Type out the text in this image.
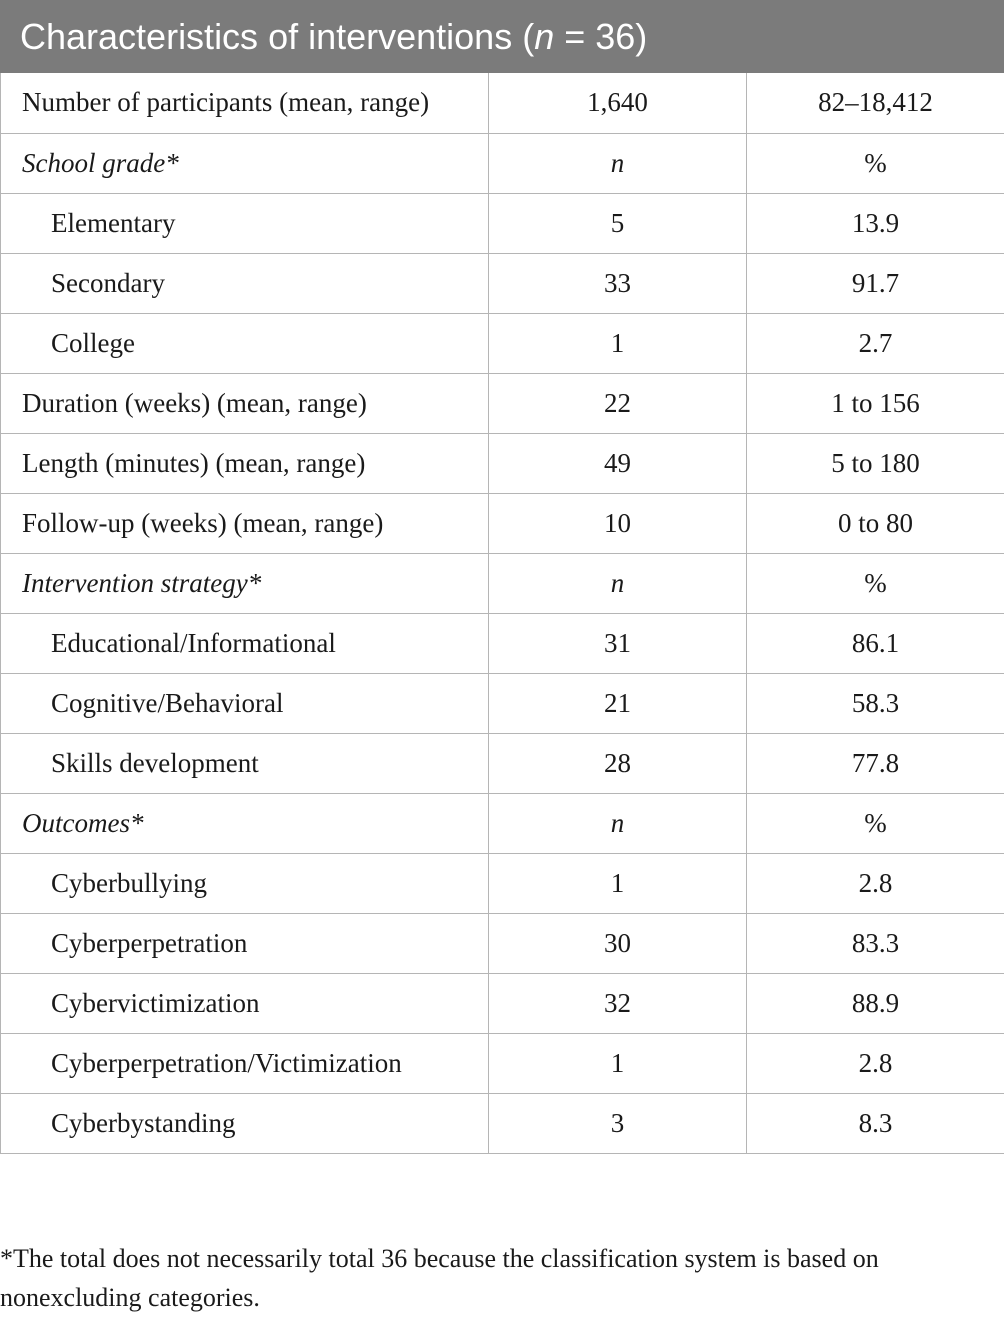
Characteristics of interventions (n = 36)
Number of participants (mean, range)	1,640	82–18,412
School grade*	n	%
Elementary	5	13.9
Secondary	33	91.7
College	1	2.7
Duration (weeks) (mean, range)	22	1 to 156
Length (minutes) (mean, range)	49	5 to 180
Follow-up (weeks) (mean, range)	10	0 to 80
Intervention strategy*	n	%
Educational/Informational	31	86.1
Cognitive/Behavioral	21	58.3
Skills development	28	77.8
Outcomes*	n	%
Cyberbullying	1	2.8
Cyberperpetration	30	83.3
Cybervictimization	32	88.9
Cyberperpetration/Victimization	1	2.8
Cyberbystanding	3	8.3
*The total does not necessarily total 36 because the classification system is based on nonexcluding categories.
